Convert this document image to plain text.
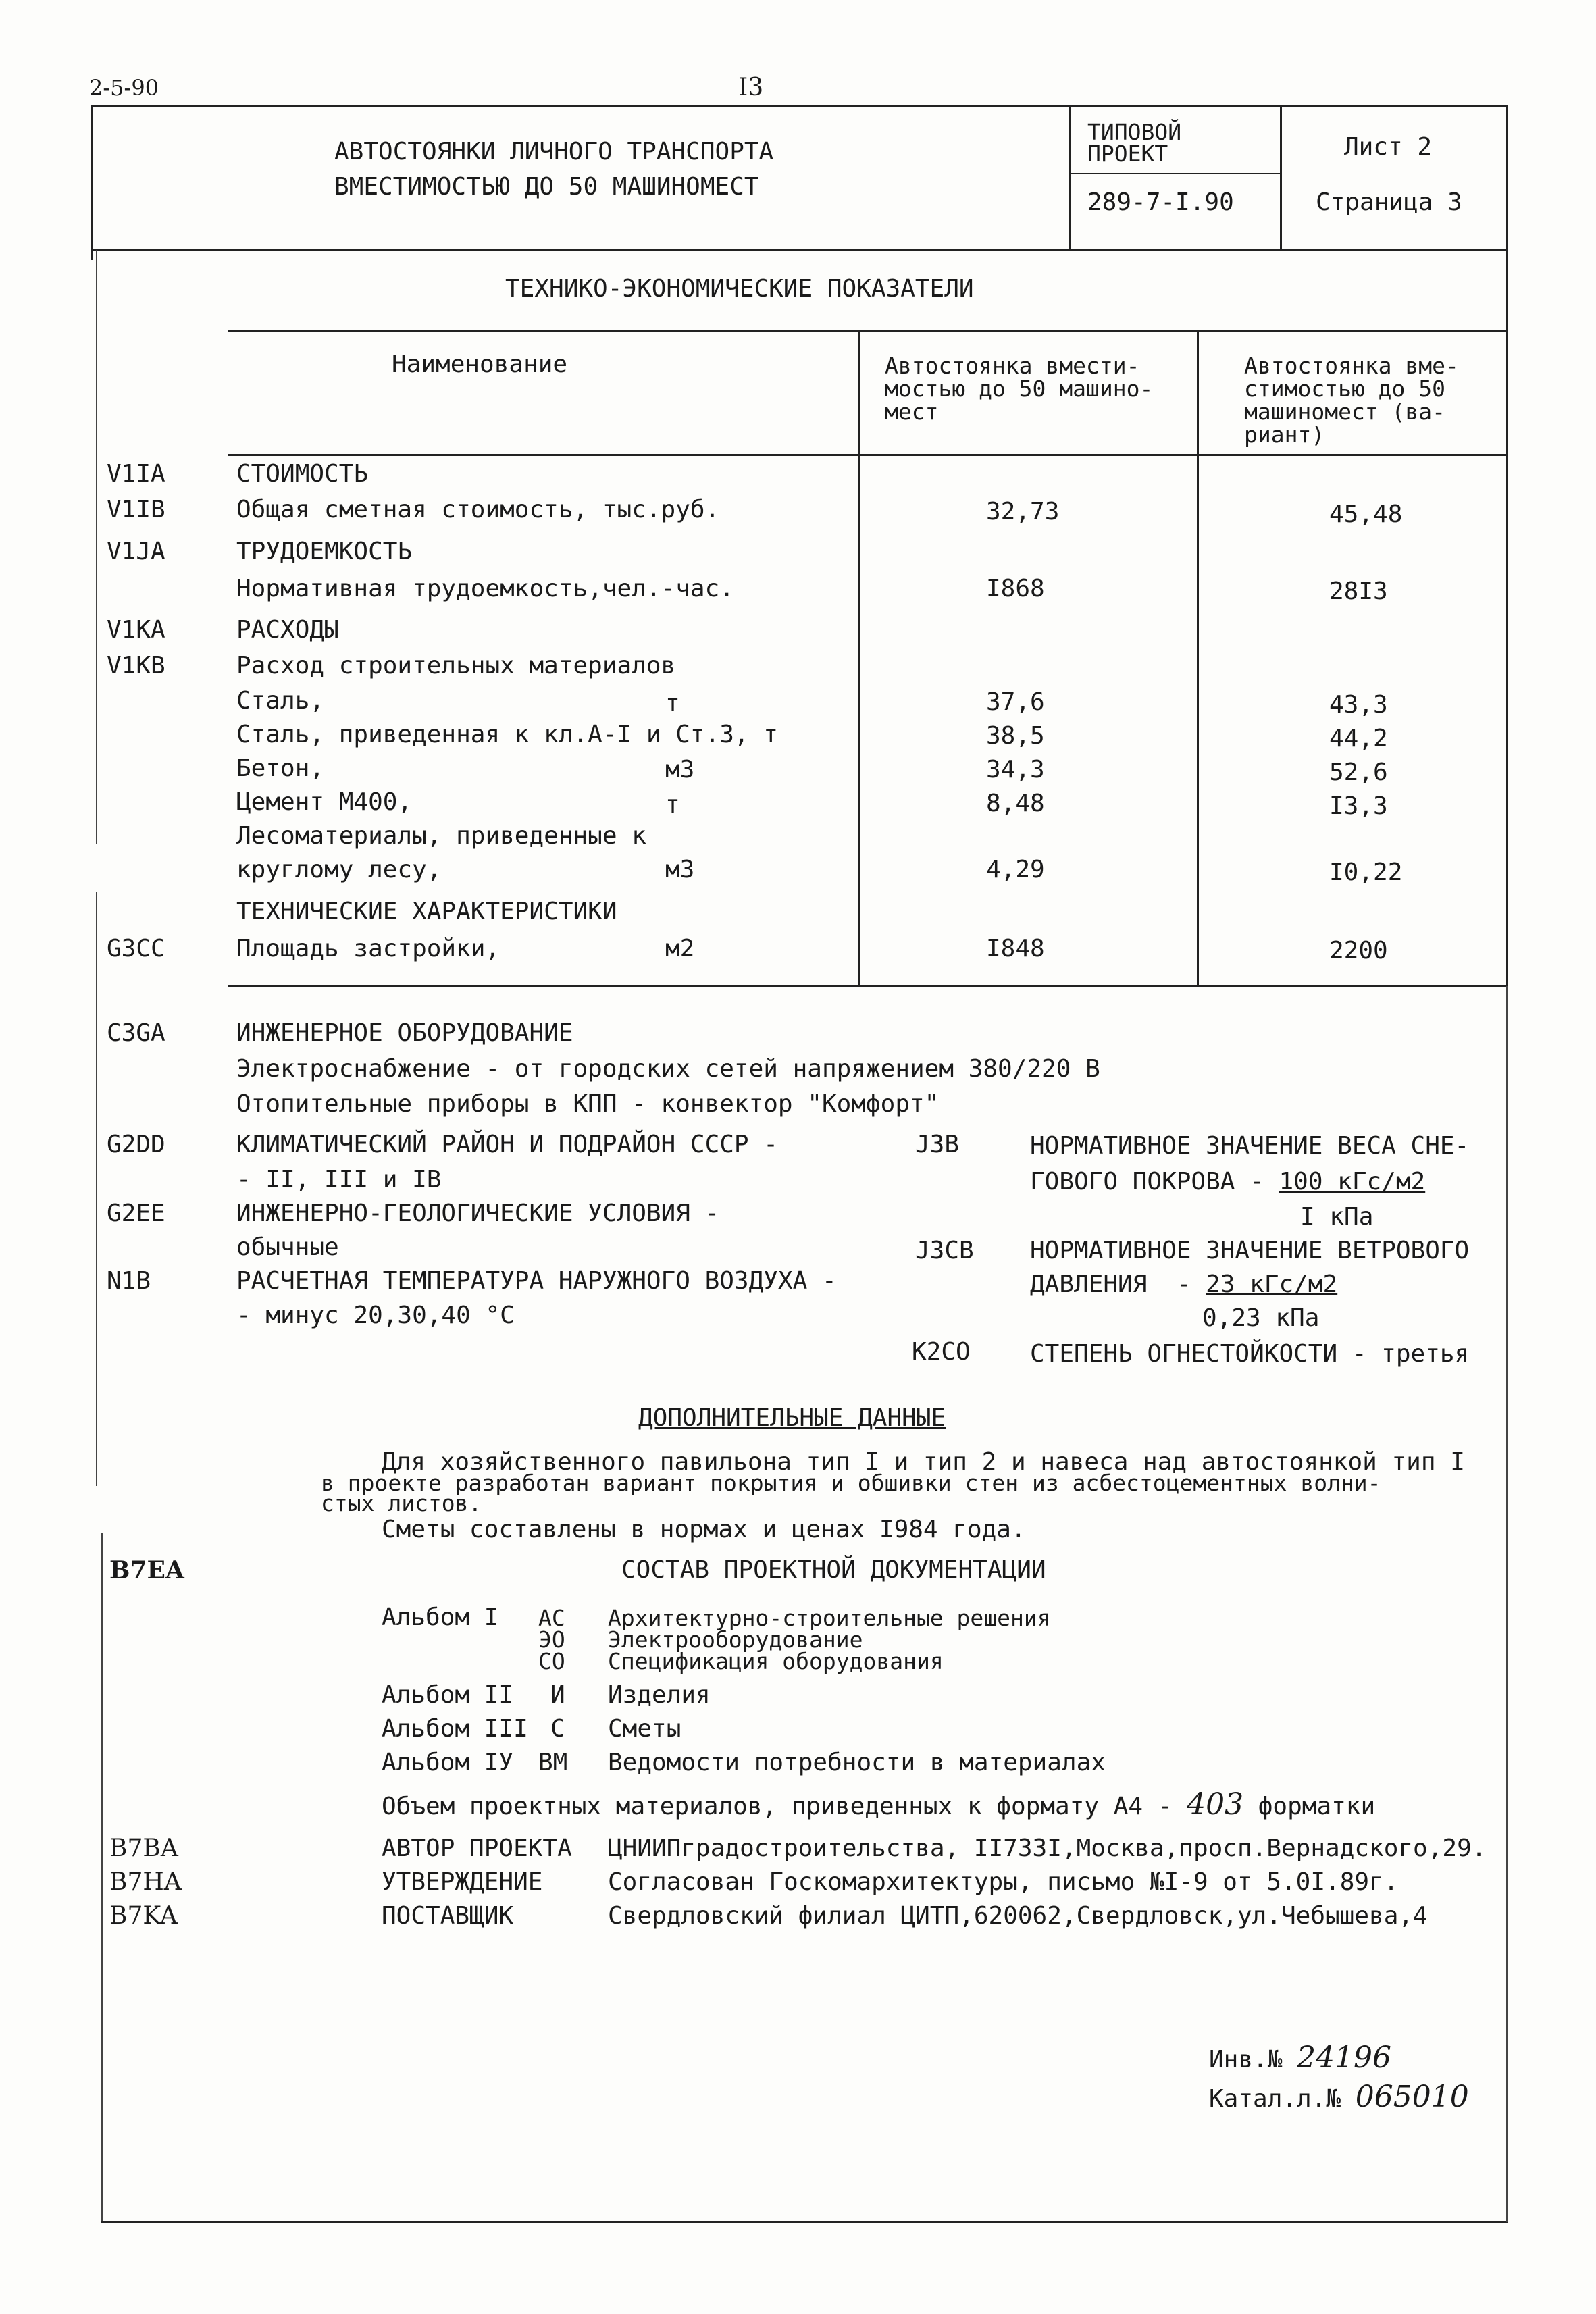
2-5-90	I3
АВТОСТОЯНКИ ЛИЧНОГО ТРАНСПОРТА
ВМЕСТИМОСТЬЮ ДО 50 МАШИНОМЕСТ
ТИПОВОЙ
ПРОЕКТ
289-7-I.90
Лист 2
Страница 3
ТЕХНИКО-ЭКОНОМИЧЕСКИЕ ПОКАЗАТЕЛИ
Наименование	Автостоянка вмести-
мостью до 50 машино-
мест
Автостоянка вме-
стимостью до 50
машиномест (ва-
риант)
V1IA	СТОИМОСТЬ
V1IB	Общая сметная стоимость, тыс.руб.	32,73	45,48
V1JA	ТРУДОЕМКОСТЬ
Нормативная трудоемкость,чел.-час.	I868	28I3
V1KA	РАСХОДЫ
V1KB	Расход строительных материалов
Сталь,	т	37,6	43,3
Сталь, приведенная к кл.А-I и Ст.3, т	38,5	44,2
Бетон,	м3	34,3	52,6
Цемент М400,	т	8,48	I3,3
Лесоматериалы, приведенные к
круглому лесу,	м3	4,29	I0,22
ТЕХНИЧЕСКИЕ ХАРАКТЕРИСТИКИ
G3CC	Площадь застройки,	м2	I848	2200
C3GA	ИНЖЕНЕРНОЕ ОБОРУДОВАНИЕ
Электроснабжение - от городских сетей напряжением 380/220 В
Отопительные приборы в КПП - конвектор "Комфорт"
G2DD	КЛИМАТИЧЕСКИЙ РАЙОН И ПОДРАЙОН СССР -
- II, III и IВ
G2EE	ИНЖЕНЕРНО-ГЕОЛОГИЧЕСКИЕ УСЛОВИЯ -
обычные
N1B	РАСЧЕТНАЯ ТЕМПЕРАТУРА НАРУЖНОГО ВОЗДУХА -
- минус 20,30,40 °С
J3B	НОРМАТИВНОЕ ЗНАЧЕНИЕ ВЕСА СНЕ-
ГОВОГО ПОКРОВА - 100 кГс/м2
I кПа
J3CB НОРМАТИВНОЕ ЗНАЧЕНИЕ ВЕТРОВОГО
ДАВЛЕНИЯ  - 23 кГс/м2
0,23 кПа
K2CO СТЕПЕНЬ ОГНЕСТОЙКОСТИ - третья
ДОПОЛНИТЕЛЬНЫЕ ДАННЫЕ
Для хозяйственного павильона тип I и тип 2 и навеса над автостоянкой тип I
в проекте разработан вариант покрытия и обшивки стен из асбестоцементных волни-
стых листов.
Сметы составлены в нормах и ценах I984 года.
B7EA	СОСТАВ ПРОЕКТНОЙ ДОКУМЕНТАЦИИ
Альбом I АС Архитектурно-строительные решения
ЭО Электрооборудование
СО Спецификация оборудования
Альбом II И Изделия
Альбом III С Сметы
Альбом IУ ВМ Ведомости потребности в материалах
Объем проектных материалов, приведенных к формату А4 - 403 форматки
B7BA	АВТОР ПРОЕКТА ЦНИИПградостроительства, II733I,Москва,просп.Вернадского,29.
B7HA	УТВЕРЖДЕНИЕ	Согласован Госкомархитектуры, письмо №I-9 от 5.0I.89г.
B7KA	ПОСТАВЩИК	Свердловский филиал ЦИТП,620062,Свердловск,ул.Чебышева,4
Инв.№ 24196
Катал.л.№ 065010
